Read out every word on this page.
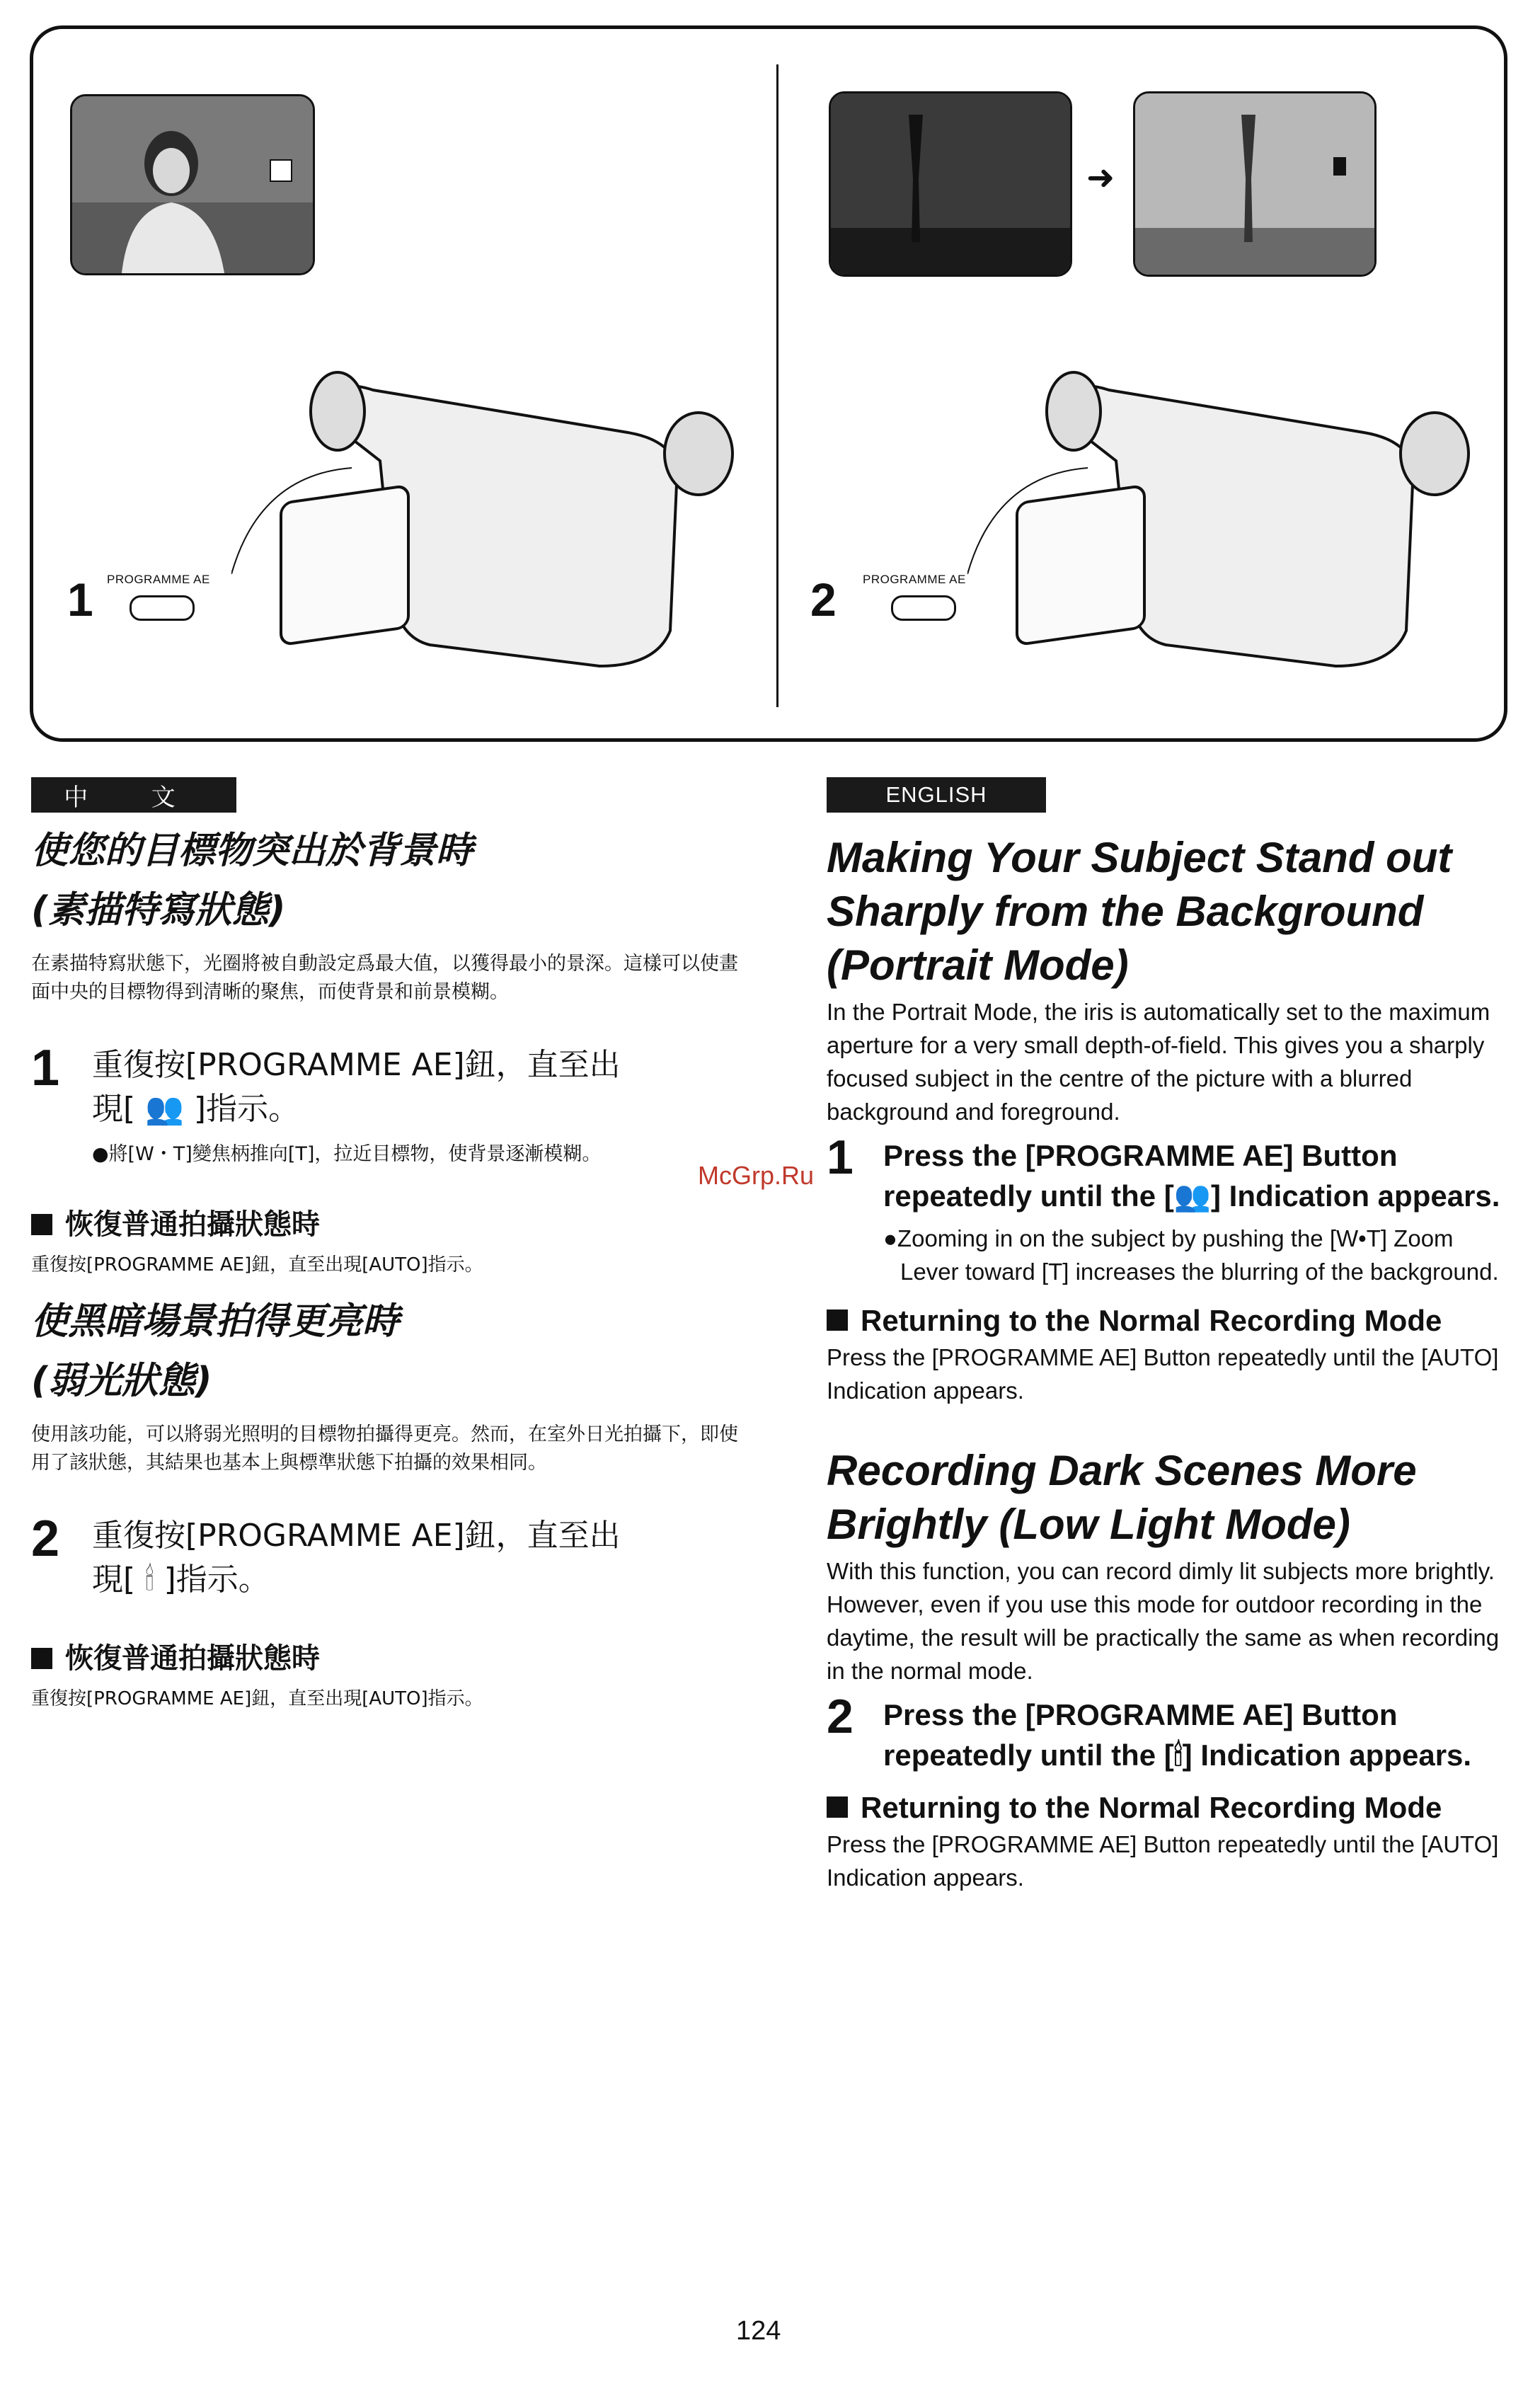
➜
1 PROGRAMME AE	2 PROGRAMME AE
中 文	ENGLISH
使您的目標物突出於背景時
(素描特寫狀態)

在素描特寫狀態下，光圈將被自動設定爲最大值，以獲得最小的景深。這樣可以使畫面中央的目標物得到清晰的聚焦，而使背景和前景模糊。

1 重復按[PROGRAMME AE]鈕，直至出
現[ 👥 ]指示。

●將[W・T]變焦柄推向[T]，拉近目標物，使背景逐漸模糊。

恢復普通拍攝狀態時

重復按[PROGRAMME AE]鈕，直至出現[AUTO]指示。

使黑暗場景拍得更亮時
(弱光狀態)

使用該功能，可以將弱光照明的目標物拍攝得更亮。然而，在室外日光拍攝下，即使用了該狀態，其結果也基本上與標準狀態下拍攝的效果相同。

2 重復按[PROGRAMME AE]鈕，直至出
現[ 🕯 ]指示。

恢復普通拍攝狀態時

重復按[PROGRAMME AE]鈕，直至出現[AUTO]指示。

Making Your Subject Stand out Sharply from the Background (Portrait Mode)

In the Portrait Mode, the iris is automatically set to the maximum aperture for a very small depth-of-field. This gives you a sharply focused subject in the centre of the picture with a blurred background and foreground.

1 Press the [PROGRAMME AE] Button repeatedly until the [👥] Indication appears.

●Zooming in on the subject by pushing the [W•T] Zoom Lever toward [T] increases the blurring of the background.

Returning to the Normal Recording Mode

Press the [PROGRAMME AE] Button repeatedly until the [AUTO] Indication appears.

Recording Dark Scenes More Brightly (Low Light Mode)

With this function, you can record dimly lit subjects more brightly. However, even if you use this mode for outdoor recording in the daytime, the result will be practically the same as when recording in the normal mode.

2 Press the [PROGRAMME AE] Button repeatedly until the [🕯] Indication appears.

Returning to the Normal Recording Mode

Press the [PROGRAMME AE] Button repeatedly until the [AUTO] Indication appears.

McGrp.Ru
124
